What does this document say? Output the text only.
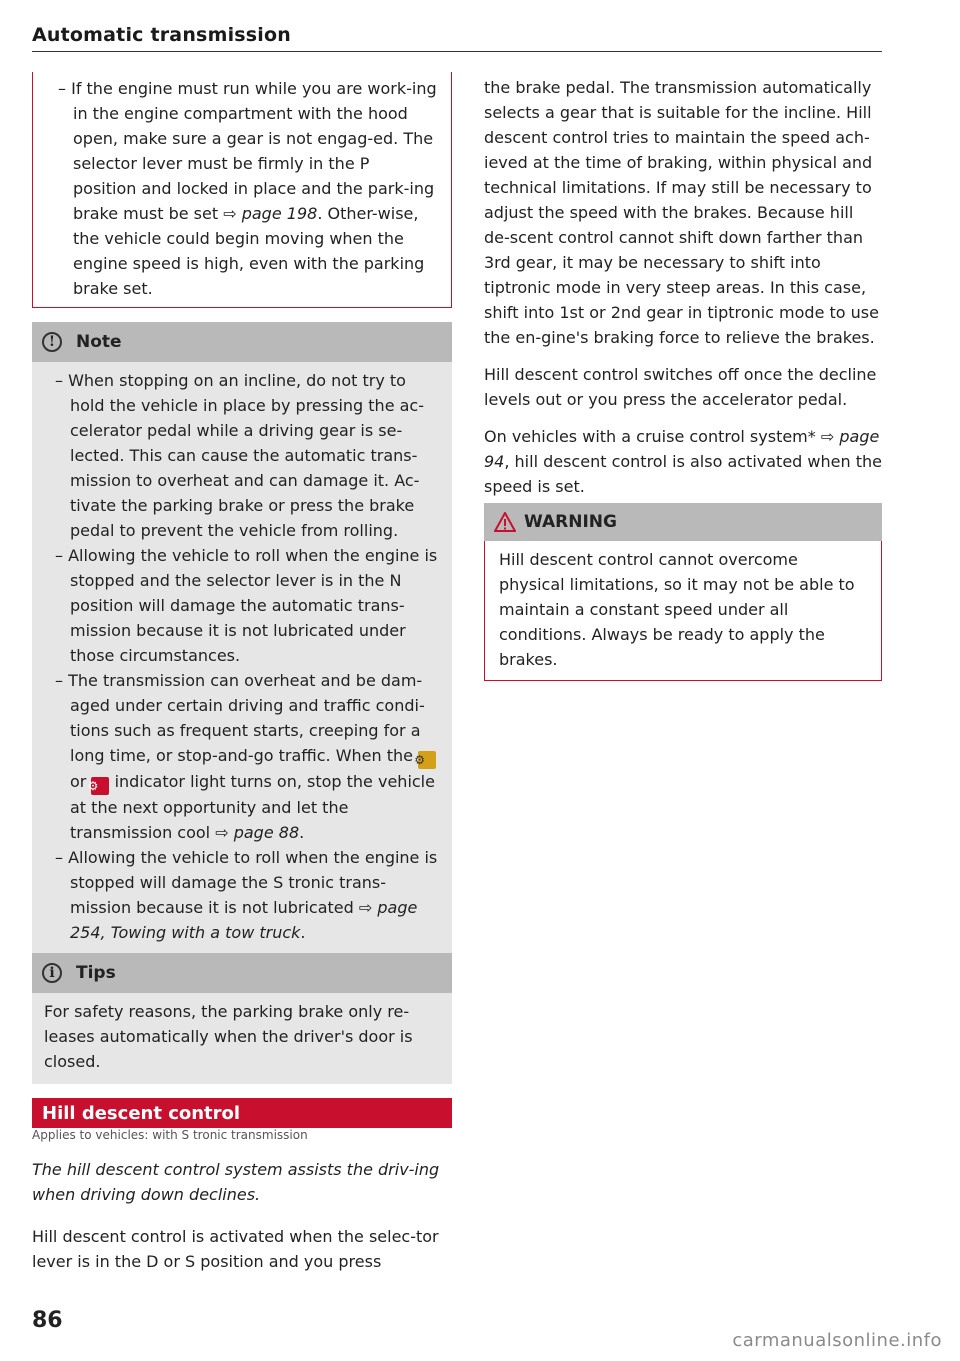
Automatic transmission
– If the engine must run while you are work-ing in the engine compartment with the hood open, make sure a gear is not engag-ed. The selector lever must be firmly in the P position and locked in place and the park-ing brake must be set ⇨ page 198. Other-wise, the vehicle could begin moving when the engine speed is high, even with the parking brake set.
!	Note
– When stopping on an incline, do not try to hold the vehicle in place by pressing the ac-celerator pedal while a driving gear is se-lected. This can cause the automatic trans-mission to overheat and can damage it. Ac-tivate the parking brake or press the brake pedal to prevent the vehicle from rolling.
– Allowing the vehicle to roll when the engine is stopped and the selector lever is in the N position will damage the automatic trans-mission because it is not lubricated under those circumstances.
– The transmission can overheat and be dam-aged under certain driving and traffic condi-tions such as frequent starts, creeping for a long time, or stop-and-go traffic. When the ⚙ or ⚙ indicator light turns on, stop the vehicle at the next opportunity and let the transmission cool ⇨ page 88.
– Allowing the vehicle to roll when the engine is stopped will damage the S tronic trans-mission because it is not lubricated ⇨ page 254, Towing with a tow truck.
i	Tips

For safety reasons, the parking brake only re-leases automatically when the driver's door is closed.

Hill descent control
Applies to vehicles: with S tronic transmission

The hill descent control system assists the driv-ing when driving down declines.

Hill descent control is activated when the selec-tor lever is in the D or S position and you press

86

the brake pedal. The transmission automatically selects a gear that is suitable for the incline. Hill descent control tries to maintain the speed ach-ieved at the time of braking, within physical and technical limitations. If may still be necessary to adjust the speed with the brakes. Because hill de-scent control cannot shift down farther than 3rd gear, it may be necessary to shift into tiptronic mode in very steep areas. In this case, shift into 1st or 2nd gear in tiptronic mode to use the en-gine's braking force to relieve the brakes.

Hill descent control switches off once the decline levels out or you press the accelerator pedal.

On vehicles with a cruise control system* ⇨ page 94, hill descent control is also activated when the speed is set.

WARNING

Hill descent control cannot overcome physical limitations, so it may not be able to maintain a constant speed under all conditions. Always be ready to apply the brakes.

carmanualsonline.info
